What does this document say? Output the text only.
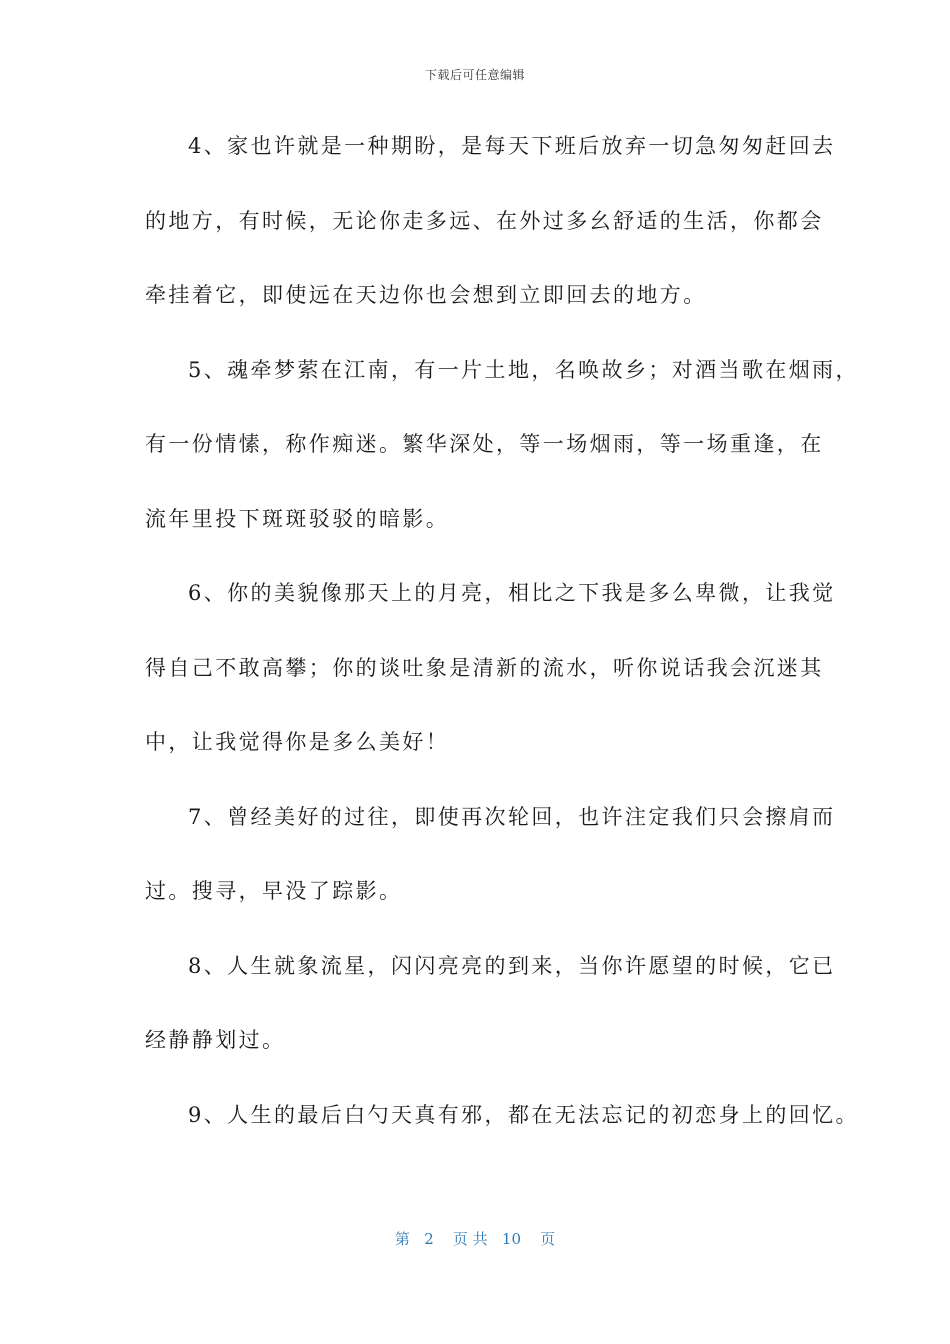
下载后可任意编辑
4、家也许就是一种期盼，是每天下班后放弃一切急匆匆赶回去
的地方，有时候，无论你走多远、在外过多幺舒适的生活，你都会
牵挂着它，即使远在天边你也会想到立即回去的地方。
5、魂牵梦萦在江南，有一片土地，名唤故乡；对酒当歌在烟雨，
有一份情愫，称作痴迷。繁华深处，等一场烟雨，等一场重逢，在
流年里投下斑斑驳驳的暗影。
6、你的美貌像那天上的月亮，相比之下我是多么卑微，让我觉
得自己不敢高攀；你的谈吐象是清新的流水，听你说话我会沉迷其
中，让我觉得你是多么美好！
7、曾经美好的过往，即使再次轮回，也许注定我们只会擦肩而
过。搜寻，早没了踪影。
8、人生就象流星，闪闪亮亮的到来，当你许愿望的时候，它已
经静静划过。
9、人生的最后白勺天真有邪，都在无法忘记的初恋身上的回忆。
第 2 页 共 10 页
